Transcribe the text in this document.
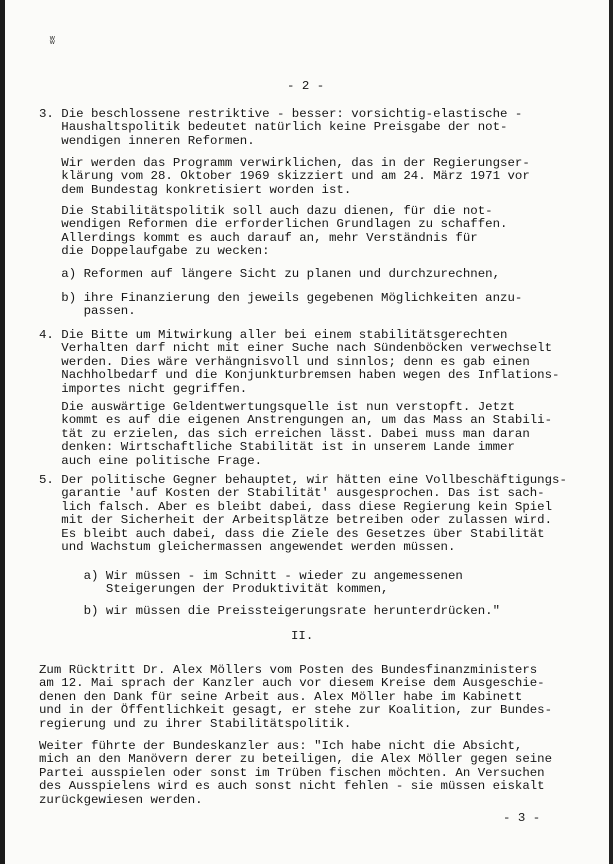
ʬ
- 2 -
3. Die beschlossene restriktive - besser: vorsichtig-elastische -
Haushaltspolitik bedeutet natürlich keine Preisgabe der not-
wendigen inneren Reformen.
Wir werden das Programm verwirklichen, das in der Regierungser-
klärung vom 28. Oktober 1969 skizziert und am 24. März 1971 vor
dem Bundestag konkretisiert worden ist.
Die Stabilitätspolitik soll auch dazu dienen, für die not-
wendigen Reformen die erforderlichen Grundlagen zu schaffen.
Allerdings kommt es auch darauf an, mehr Verständnis für
die Doppelaufgabe zu wecken:
a) Reformen auf längere Sicht zu planen und durchzurechnen,
b) ihre Finanzierung den jeweils gegebenen Möglichkeiten anzu-
passen.
4. Die Bitte um Mitwirkung aller bei einem stabilitätsgerechten
Verhalten darf nicht mit einer Suche nach Sündenböcken verwechselt
werden. Dies wäre verhängnisvoll und sinnlos; denn es gab einen
Nachholbedarf und die Konjunkturbremsen haben wegen des Inflations-
importes nicht gegriffen.
Die auswärtige Geldentwertungsquelle ist nun verstopft. Jetzt
kommt es auf die eigenen Anstrengungen an, um das Mass an Stabili-
tät zu erzielen, das sich erreichen lässt. Dabei muss man daran
denken: Wirtschaftliche Stabilität ist in unserem Lande immer
auch eine politische Frage.
5. Der politische Gegner behauptet, wir hätten eine Vollbeschäftigungs-
garantie 'auf Kosten der Stabilität' ausgesprochen. Das ist sach-
lich falsch. Aber es bleibt dabei, dass diese Regierung kein Spiel
mit der Sicherheit der Arbeitsplätze betreiben oder zulassen wird.
Es bleibt auch dabei, dass die Ziele des Gesetzes über Stabilität
und Wachstum gleichermassen angewendet werden müssen.
a) Wir müssen - im Schnitt - wieder zu angemessenen
Steigerungen der Produktivität kommen,
b) wir müssen die Preissteigerungsrate herunterdrücken."
II.
Zum Rücktritt Dr. Alex Möllers vom Posten des Bundesfinanzministers
am 12. Mai sprach der Kanzler auch vor diesem Kreise dem Ausgeschie-
denen den Dank für seine Arbeit aus. Alex Möller habe im Kabinett
und in der Öffentlichkeit gesagt, er stehe zur Koalition, zur Bundes-
regierung und zu ihrer Stabilitätspolitik.
Weiter führte der Bundeskanzler aus: "Ich habe nicht die Absicht,
mich an den Manövern derer zu beteiligen, die Alex Möller gegen seine
Partei ausspielen oder sonst im Trüben fischen möchten. An Versuchen
des Ausspielens wird es auch sonst nicht fehlen - sie müssen eiskalt
zurückgewiesen werden.
- 3 -
